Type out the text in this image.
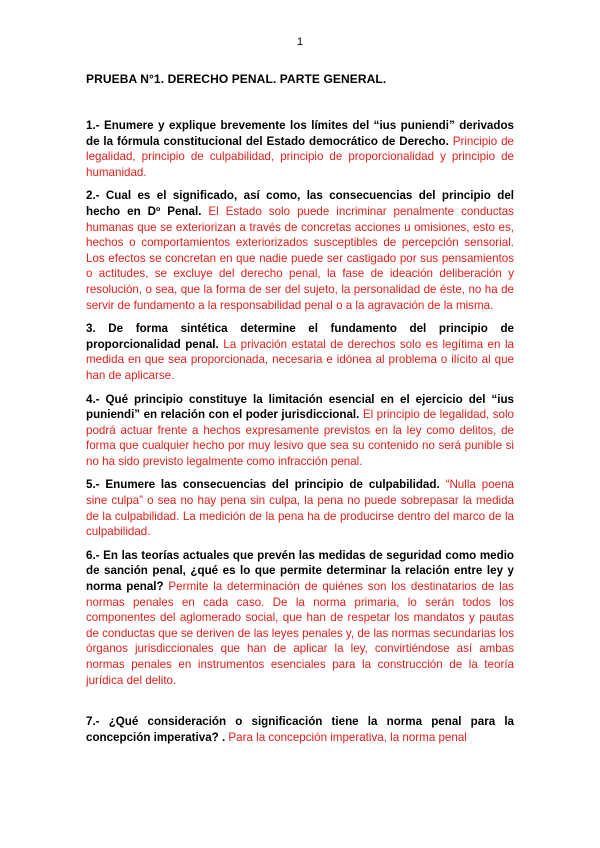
1
PRUEBA N°1. DERECHO PENAL. PARTE GENERAL.

1.- Enumere y explique brevemente los límites del “ius puniendi” derivados de la fórmula constitucional del Estado democrático de Derecho. Principio de legalidad, principio de culpabilidad, principio de proporcionalidad y principio de humanidad.

2.- Cual es el significado, así como, las consecuencias del principio del hecho en Dº Penal. El Estado solo puede incriminar penalmente conductas humanas que se exteriorizan a través de concretas acciones u omisiones, esto es, hechos o comportamientos exteriorizados susceptibles de percepción sensorial. Los efectos se concretan en que nadie puede ser castigado por sus pensamientos o actitudes, se excluye del derecho penal, la fase de ideación deliberación y resolución, o sea, que la forma de ser del sujeto, la personalidad de éste, no ha de servir de fundamento a la responsabilidad penal o a la agravación de la misma.

3. De forma sintética determine el fundamento del principio de proporcionalidad penal. La privación estatal de derechos solo es legítima en la medida en que sea proporcionada, necesaria e idónea al problema o ilícito al que han de aplicarse.

4.- Qué principio constituye la limitación esencial en el ejercicio del “ius puniendi” en relación con el poder jurisdiccional. El principio de legalidad, solo podrá actuar frente a hechos expresamente previstos en la ley como delitos, de forma que cualquier hecho por muy lesivo que sea su contenido no será punible si no ha sido previsto legalmente como infracción penal.

5.- Enumere las consecuencias del principio de culpabilidad. “Nulla poena sine culpa” o sea no hay pena sin culpa, la pena no puede sobrepasar la medida de la culpabilidad. La medición de la pena ha de producirse dentro del marco de la culpabilidad.

6.- En las teorías actuales que prevén las medidas de seguridad como medio de sanción penal, ¿qué es lo que permite determinar la relación entre ley y norma penal? Permite la determinación de quiénes son los destinatarios de las normas penales en cada caso. De la norma primaria, lo serán todos los componentes del aglomerado social, que han de respetar los mandatos y pautas de conductas que se deriven de las leyes penales y, de las normas secundarias los órganos jurisdiccionales que han de aplicar la ley, convirtiéndose así ambas normas penales en instrumentos esenciales para la construcción de la teoría jurídica del delito.

7.- ¿Qué consideración o significación tiene la norma penal para la concepción imperativa? . Para la concepción imperativa, la norma penal
